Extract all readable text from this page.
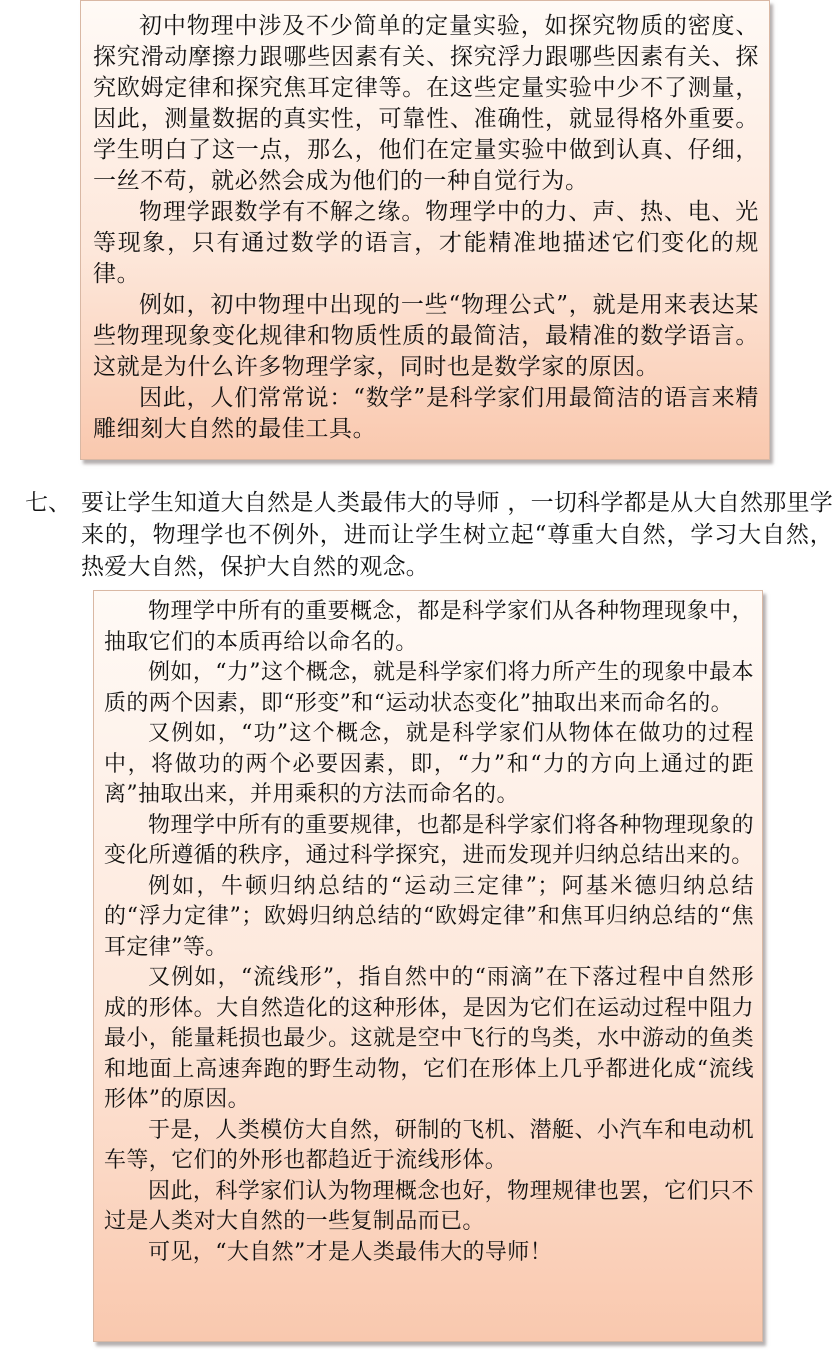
初中物理中涉及不少简单的定量实验，如探究物质的密度、探究滑动摩擦力跟哪些因素有关、探究浮力跟哪些因素有关、探究欧姆定律和探究焦耳定律等。在这些定量实验中少不了测量，因此，测量数据的真实性，可靠性、准确性，就显得格外重要。学生明白了这一点，那么，他们在定量实验中做到认真、仔细，一丝不苟，就必然会成为他们的一种自觉行为。

物理学跟数学有不解之缘。物理学中的力、声、热、电、光等现象，只有通过数学的语言，才能精准地描述它们变化的规律。

例如，初中物理中出现的一些“物理公式”，就是用来表达某些物理现象变化规律和物质性质的最简洁，最精准的数学语言。这就是为什么许多物理学家，同时也是数学家的原因。

因此，人们常常说：“数学”是科学家们用最简洁的语言来精雕细刻大自然的最佳工具。

七、 要让学生知道大自然是人类最伟大的导师 ，一切科学都是从大自然那里学来的，物理学也不例外，进而让学生树立起“尊重大自然，学习大自然，热爱大自然，保护大自然的观念。

物理学中所有的重要概念，都是科学家们从各种物理现象中，抽取它们的本质再给以命名的。

例如，“力”这个概念，就是科学家们将力所产生的现象中最本质的两个因素，即“形变”和“运动状态变化”抽取出来而命名的。

又例如，“功”这个概念，就是科学家们从物体在做功的过程中，将做功的两个必要因素，即，“力”和“力的方向上通过的距离”抽取出来，并用乘积的方法而命名的。

物理学中所有的重要规律，也都是科学家们将各种物理现象的变化所遵循的秩序，通过科学探究，进而发现并归纳总结出来的。

例如，牛顿归纳总结的“运动三定律”；阿基米德归纳总结的“浮力定律”；欧姆归纳总结的“欧姆定律”和焦耳归纳总结的“焦耳定律”等。

又例如，“流线形”，指自然中的“雨滴”在下落过程中自然形成的形体。大自然造化的这种形体，是因为它们在运动过程中阻力最小，能量耗损也最少。这就是空中飞行的鸟类，水中游动的鱼类和地面上高速奔跑的野生动物，它们在形体上几乎都进化成“流线形体”的原因。

于是，人类模仿大自然，研制的飞机、潜艇、小汽车和电动机车等，它们的外形也都趋近于流线形体。

因此，科学家们认为物理概念也好，物理规律也罢，它们只不过是人类对大自然的一些复制品而已。

可见，“大自然”才是人类最伟大的导师！
